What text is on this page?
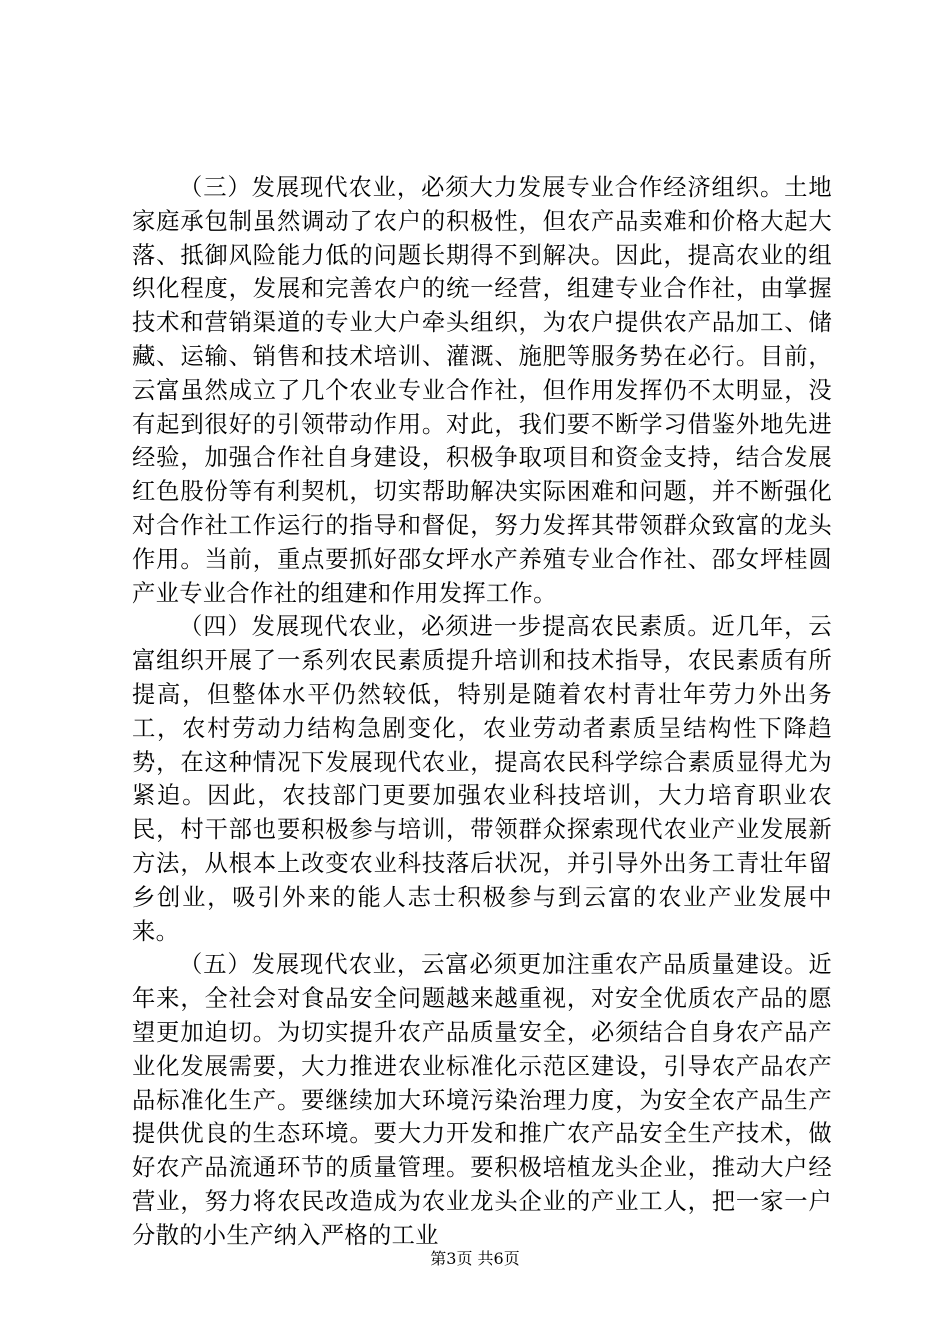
（三）发展现代农业，必须大力发展专业合作经济组织。土地家庭承包制虽然调动了农户的积极性，但农产品卖难和价格大起大落、抵御风险能力低的问题长期得不到解决。因此，提高农业的组织化程度，发展和完善农户的统一经营，组建专业合作社，由掌握技术和营销渠道的专业大户牵头组织，为农户提供农产品加工、储藏、运输、销售和技术培训、灌溉、施肥等服务势在必行。目前，云富虽然成立了几个农业专业合作社，但作用发挥仍不太明显，没有起到很好的引领带动作用。对此，我们要不断学习借鉴外地先进经验，加强合作社自身建设，积极争取项目和资金支持，结合发展红色股份等有利契机，切实帮助解决实际困难和问题，并不断强化对合作社工作运行的指导和督促，努力发挥其带领群众致富的龙头作用。当前，重点要抓好邵女坪水产养殖专业合作社、邵女坪桂圆产业专业合作社的组建和作用发挥工作。

（四）发展现代农业，必须进一步提高农民素质。近几年，云富组织开展了一系列农民素质提升培训和技术指导，农民素质有所提高，但整体水平仍然较低，特别是随着农村青壮年劳力外出务工，农村劳动力结构急剧变化，农业劳动者素质呈结构性下降趋势，在这种情况下发展现代农业，提高农民科学综合素质显得尤为紧迫。因此，农技部门更要加强农业科技培训，大力培育职业农民，村干部也要积极参与培训，带领群众探索现代农业产业发展新方法，从根本上改变农业科技落后状况，并引导外出务工青壮年留乡创业，吸引外来的能人志士积极参与到云富的农业产业发展中来。

（五）发展现代农业，云富必须更加注重农产品质量建设。近年来，全社会对食品安全问题越来越重视，对安全优质农产品的愿望更加迫切。为切实提升农产品质量安全，必须结合自身农产品产业化发展需要，大力推进农业标准化示范区建设，引导农产品农产品标准化生产。要继续加大环境污染治理力度，为安全农产品生产提供优良的生态环境。要大力开发和推广农产品安全生产技术，做好农产品流通环节的质量管理。要积极培植龙头企业，推动大户经营业，努力将农民改造成为农业龙头企业的产业工人，把一家一户分散的小生产纳入严格的工业

第3页 共6页
